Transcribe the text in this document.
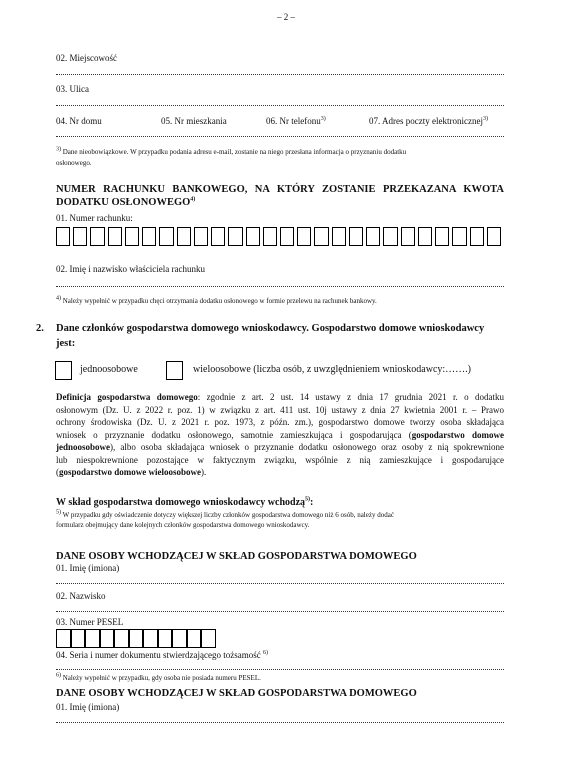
– 2 –
02. Miejscowość
03. Ulica
04. Nr domu	05. Nr mieszkania	06. Nr telefonu$^{3)}$	07. Adres poczty elektronicznej$^{3)}$
$^{3)}$ Dane nieobowiązkowe. W przypadku podania adresu e-mail, zostanie na niego przesłana informacja o przyznaniu dodatku
osłonowego.
NUMER RACHUNKU BANKOWEGO, NA KTÓRY ZOSTANIE PRZEKAZANA KWOTA
DODATKU OSŁONOWEGO$^{4)}$
01. Numer rachunku:
02. Imię i nazwisko właściciela rachunku
$^{4)}$ Należy wypełnić w przypadku chęci otrzymania dodatku osłonowego w formie przelewu na rachunek bankowy.
2. Dane członków gospodarstwa domowego wnioskodawcy. Gospodarstwo domowe wnioskodawcy
jest:
jednoosobowe	wieloosobowe (liczba osób, z uwzględnieniem wnioskodawcy:…….)
Definicja gospodarstwa domowego: zgodnie z art. 2 ust. 14 ustawy z dnia 17 grudnia 2021 r. o dodatku
osłonowym (Dz. U. z 2022 r. poz. 1) w związku z art. 411 ust. 10j ustawy z dnia 27 kwietnia 2001 r. – Prawo
ochrony środowiska (Dz. U. z 2021 r. poz. 1973, z późn. zm.), gospodarstwo domowe tworzy osoba składająca
wniosek o przyznanie dodatku osłonowego, samotnie zamieszkująca i gospodarująca (gospodarstwo domowe
jednoosobowe), albo osoba składająca wniosek o przyznanie dodatku osłonowego oraz osoby z nią spokrewnione
lub niespokrewnione pozostające w faktycznym związku, wspólnie z nią zamieszkujące i gospodarujące
(gospodarstwo domowe wieloosobowe).
W skład gospodarstwa domowego wnioskodawcy wchodzą$^{5)}$:
$^{5)}$ W przypadku gdy oświadczenie dotyczy większej liczby członków gospodarstwa domowego niż 6 osób, należy dodać
formularz obejmujący dane kolejnych członków gospodarstwa domowego wnioskodawcy.
DANE OSOBY WCHODZĄCEJ W SKŁAD GOSPODARSTWA DOMOWEGO
01. Imię (imiona)
02. Nazwisko
03. Numer PESEL
04. Seria i numer dokumentu stwierdzającego tożsamość $^{6)}$
$^{6)}$ Należy wypełnić w przypadku, gdy osoba nie posiada numeru PESEL.
DANE OSOBY WCHODZĄCEJ W SKŁAD GOSPODARSTWA DOMOWEGO
01. Imię (imiona)
